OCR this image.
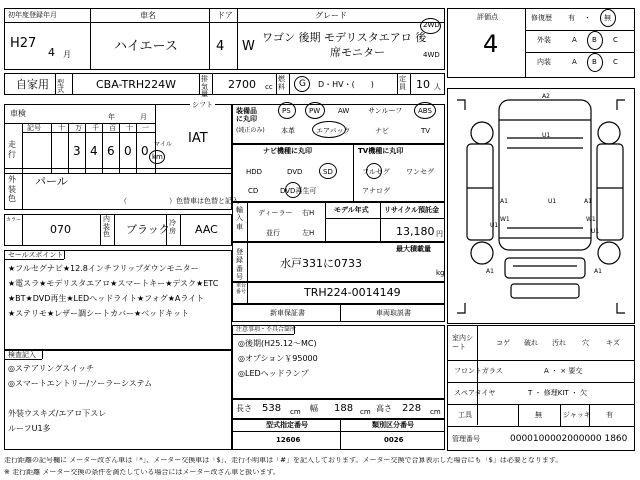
初年度登録年月
H27
4 月
車名
ハイエース
ドア
4 W
グレード
ワゴン 後期 モデリスタエアロ 後
席モニター
2WD
4WD
自家用 型式	CBA-TRH224W	排気量
2700 cc
燃料	G D・HV・(　　)
定員 10 人
車検	年	月
シフト
IAT
走行
記号 十 万 千 百 十 一
3 4 6 0 0 マイル
km
外装色
パール
（　　　　　　）色替車は色替と記入
カラー
070
内装色 ブラック 冷房 AAC
セールスポイント
★フルセグナビ★12.8インチフリップダウンモニター
★電スラ★モデリスタエアロ★スマートキー★デスク★ETC
★BT★DVD再生★LEDヘッドライト★フォグ★Aライト
★ステリモ★レザー調シートカバー★ベッドキット
検査記入
◎ステアリングスイッチ
◎スマートエントリー/ソーラーシステム
外装ウスキズ/エアロ下スレ
ルーフU1多
装備品に丸印
(純正のみ)
PS	PW	AW	サンルーフ ABS
本革	エアバック	ナビ	TV
ナビ機種に丸印
HDD	DVD	SD
CD	DVD再生可
TV機種に丸印
フルセグ ワンセグ
アナログ
輸入車
ディーラー
並行
右H
左H
モデル年式 リサイクル預託金
13,180 円
登録番号
最大積載量
水戸331に0733
kg
車台番号	TRH224-0014149
新車保証書	車両取説書
注意事項・不具合箇所
◎後期(H25.12〜MC)
◎オプション￥95000
◎LEDヘッドランプ
長さ 538 cm 幅 188 cm 高さ 228 cm
型式指定番号
12606
類別区分番号
0026
評価点
4
修復歴 有 ・ 無
外装	A B C
内装	A B C
A2
U1
A1	U1
W1	W1
A1
U1
U1
A1	A1
室内シート
コゲ 破れ 汚れ 穴 キズ
フロントガラス	A ・ × 要交
スペアタイヤ	T ・ 修理KIT ・ 欠
工具	無	ジャッキ 有
管理番号	0000100002000000 1860
走行距離の記号欄に メーター改ざん車は「*」、メーター交換車は「$」、走行不明車は「#」を記入しております。メーター交換で合算表示した場合にも「$」は必要となります。
※ 走行距離 メーター交換の条件を満たしている場合にはメーター改ざん車と扱います。
